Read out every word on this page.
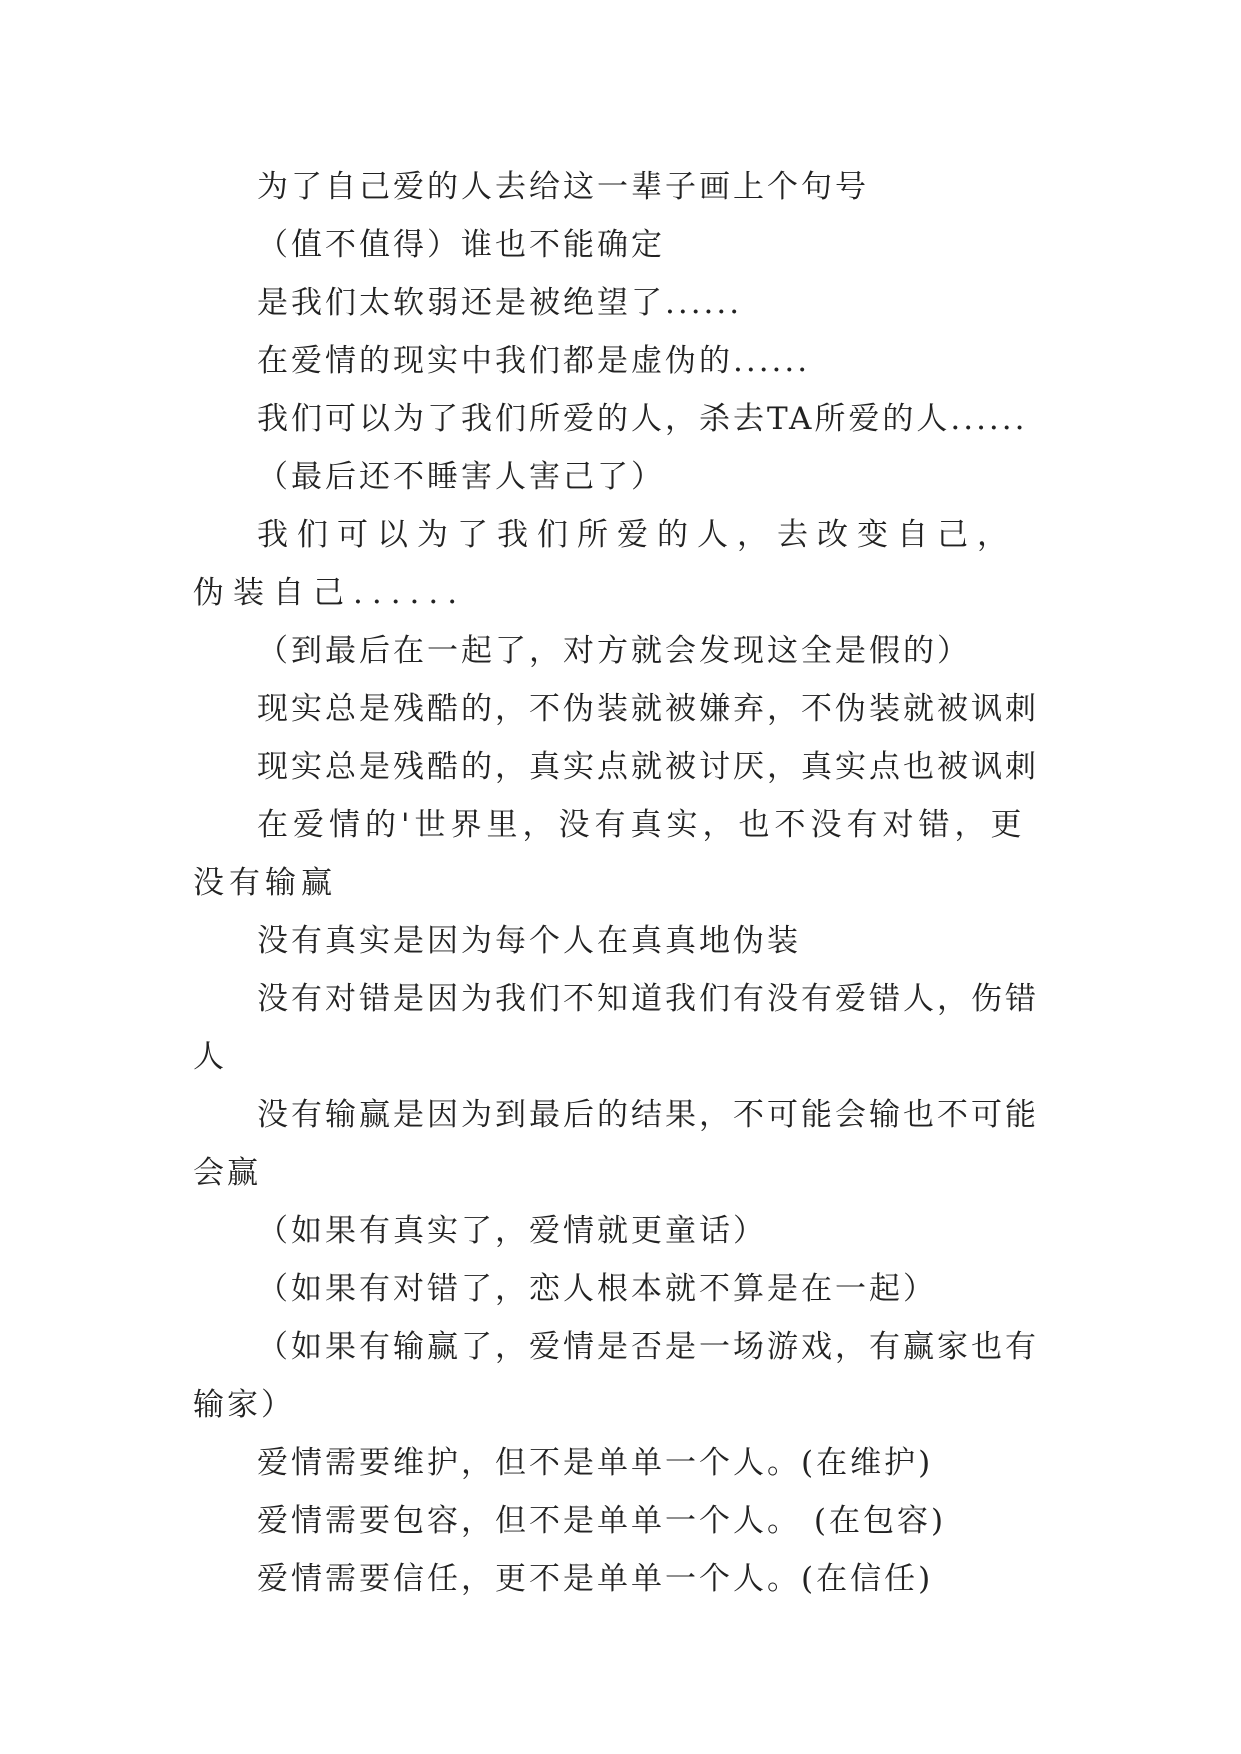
为了自己爱的人去给这一辈子画上个句号

（值不值得）谁也不能确定

是我们太软弱还是被绝望了......

在爱情的现实中我们都是虚伪的......

我们可以为了我们所爱的人，杀去TA所爱的人......

（最后还不睡害人害己了）

我们可以为了我们所爱的人，去改变自己，伪装自己......

（到最后在一起了，对方就会发现这全是假的）

现实总是残酷的，不伪装就被嫌弃，不伪装就被讽刺

现实总是残酷的，真实点就被讨厌，真实点也被讽刺

在爱情的'世界里，没有真实，也不没有对错，更没有输赢

没有真实是因为每个人在真真地伪装

没有对错是因为我们不知道我们有没有爱错人，伤错人

没有输赢是因为到最后的结果，不可能会输也不可能会赢

（如果有真实了，爱情就更童话）

（如果有对错了，恋人根本就不算是在一起）

（如果有输赢了，爱情是否是一场游戏，有赢家也有输家）

爱情需要维护，但不是单单一个人。(在维护)

爱情需要包容，但不是单单一个人。 (在包容)

爱情需要信任，更不是单单一个人。(在信任)
